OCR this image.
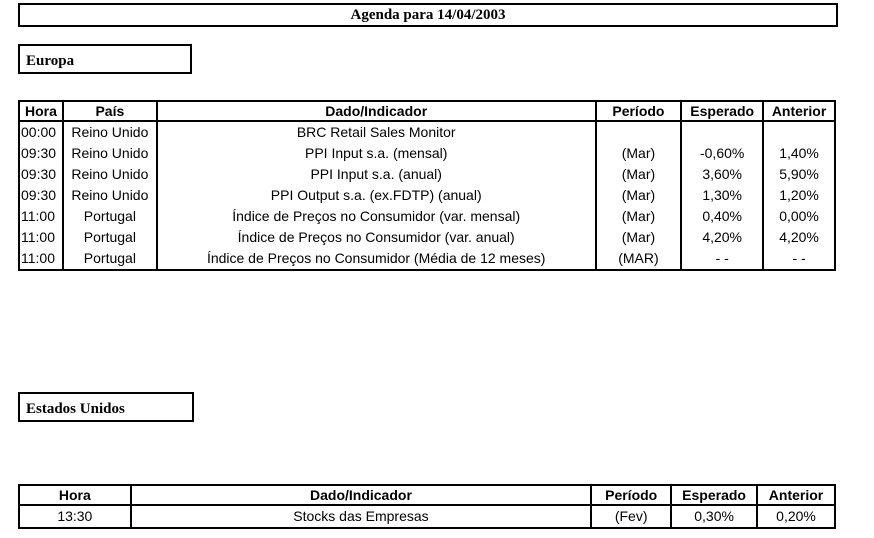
Agenda para 14/04/2003
Europa
Hora	País	Dado/Indicador	Período	Esperado	Anterior
00:00	Reino Unido	BRC Retail Sales Monitor			
09:30	Reino Unido	PPI Input s.a. (mensal)	(Mar)	-0,60%	1,40%
09:30	Reino Unido	PPI Input s.a. (anual)	(Mar)	3,60%	5,90%
09:30	Reino Unido	PPI Output s.a. (ex.FDTP) (anual)	(Mar)	1,30%	1,20%
11:00	Portugal	Índice de Preços no Consumidor (var. mensal)	(Mar)	0,40%	0,00%
11:00	Portugal	Índice de Preços no Consumidor (var. anual)	(Mar)	4,20%	4,20%
11:00	Portugal	Índice de Preços no Consumidor (Média de 12 meses)	(MAR)	- -	- -
Estados Unidos
Hora	Dado/Indicador	Período	Esperado	Anterior
13:30	Stocks das Empresas	(Fev)	0,30%	0,20%
